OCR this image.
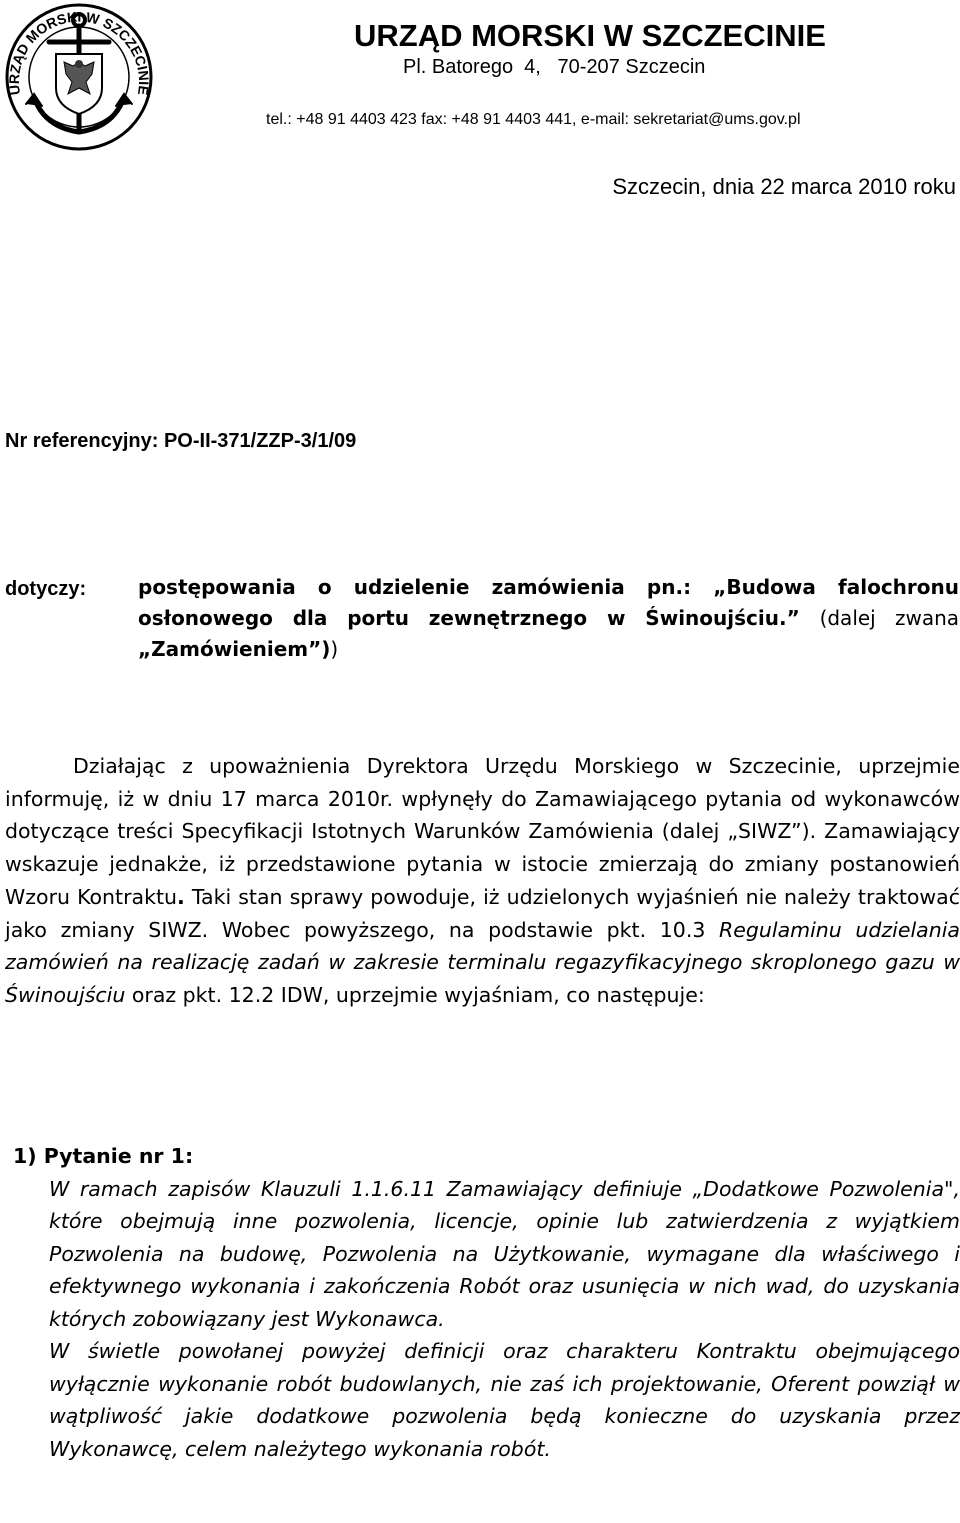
URZĄD MORSKI W SZCZECINIE
URZĄD MORSKI W SZCZECINIE
Pl. Batorego  4,   70-207 Szczecin
tel.: +48 91 4403 423 fax: +48 91 4403 441, e-mail: sekretariat@ums.gov.pl
Szczecin, dnia 22 marca 2010 roku
Nr referencyjny: PO-II-371/ZZP-3/1/09
dotyczy:	postępowania o udzielenie zamówienia pn.: „Budowa falochronu osłonowego dla portu zewnętrznego w Świnoujściu.” (dalej zwana „Zamówieniem”))

Działając z upoważnienia Dyrektora Urzędu Morskiego w Szczecinie, uprzejmie informuję, iż w dniu 17 marca 2010r. wpłynęły do Zamawiającego pytania od wykonawców dotyczące treści Specyfikacji Istotnych Warunków Zamówienia (dalej „SIWZ”). Zamawiający wskazuje jednakże, iż przedstawione pytania w istocie zmierzają do zmiany postanowień Wzoru Kontraktu. Taki stan sprawy powoduje, iż udzielonych wyjaśnień nie należy traktować jako zmiany SIWZ. Wobec powyższego, na podstawie pkt. 10.3 Regulaminu udzielania zamówień na realizację zadań w zakresie terminalu regazyfikacyjnego skroplonego gazu w Świnoujściu oraz pkt. 12.2 IDW, uprzejmie wyjaśniam, co następuje:

1) Pytanie nr 1:

W ramach zapisów Klauzuli 1.1.6.11 Zamawiający definiuje „Dodatkowe Pozwolenia", które obejmują inne pozwolenia, licencje, opinie lub zatwierdzenia z wyjątkiem Pozwolenia na budowę, Pozwolenia na Użytkowanie, wymagane dla właściwego i efektywnego wykonania i zakończenia Robót oraz usunięcia w nich wad, do uzyskania których zobowiązany jest Wykonawca.

W świetle powołanej powyżej definicji oraz charakteru Kontraktu obejmującego wyłącznie wykonanie robót budowlanych, nie zaś ich projektowanie, Oferent powziął w wątpliwość jakie dodatkowe pozwolenia będą konieczne do uzyskania przez Wykonawcę, celem należytego wykonania robót.
